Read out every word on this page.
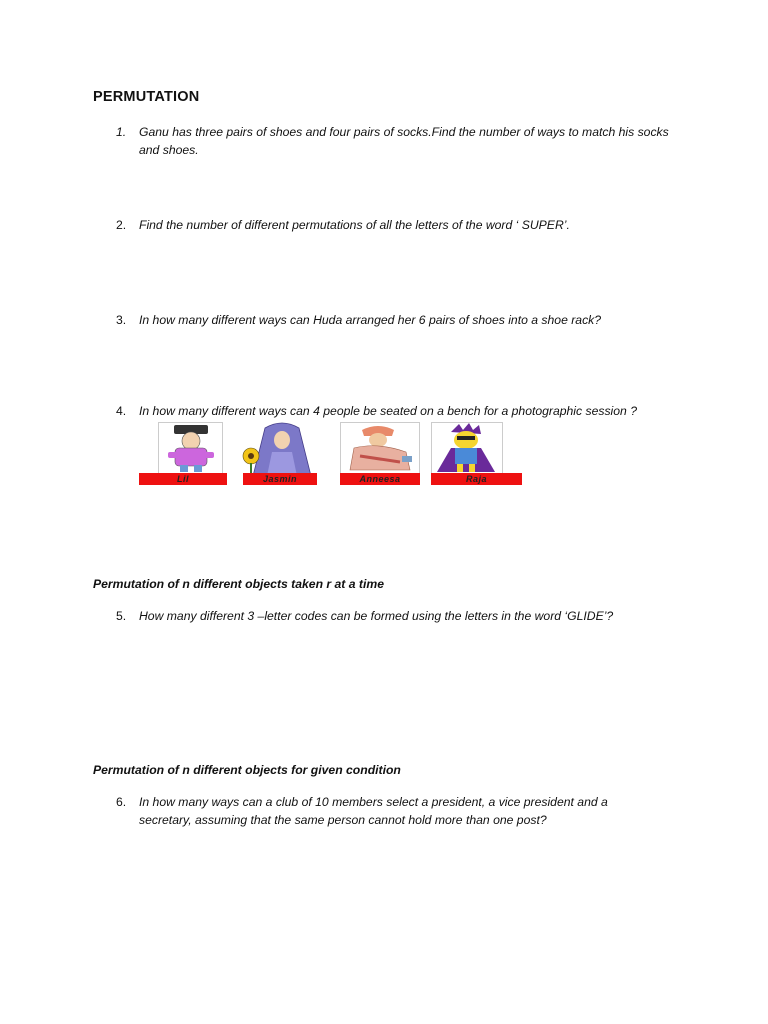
PERMUTATION
1. Ganu has three pairs of shoes and four pairs of socks.Find the number of ways to match his socks and shoes.
2. Find the number of different permutations of all the letters of the word ‘ SUPER’.
3. In how many different ways can Huda arranged her 6 pairs of shoes into a shoe rack?
4. In how many different ways can 4 people be seated on a bench for a photographic session ?
Lil	Jasmin	Anneesa	Raja
Permutation of n different objects taken r at a time
5. How many different 3 –letter codes can be formed using the letters in the word ‘GLIDE’?
Permutation of n different objects for given condition
6. In how many ways can a club of 10 members select a president, a vice president and a secretary, assuming that the same person cannot hold more than one post?
